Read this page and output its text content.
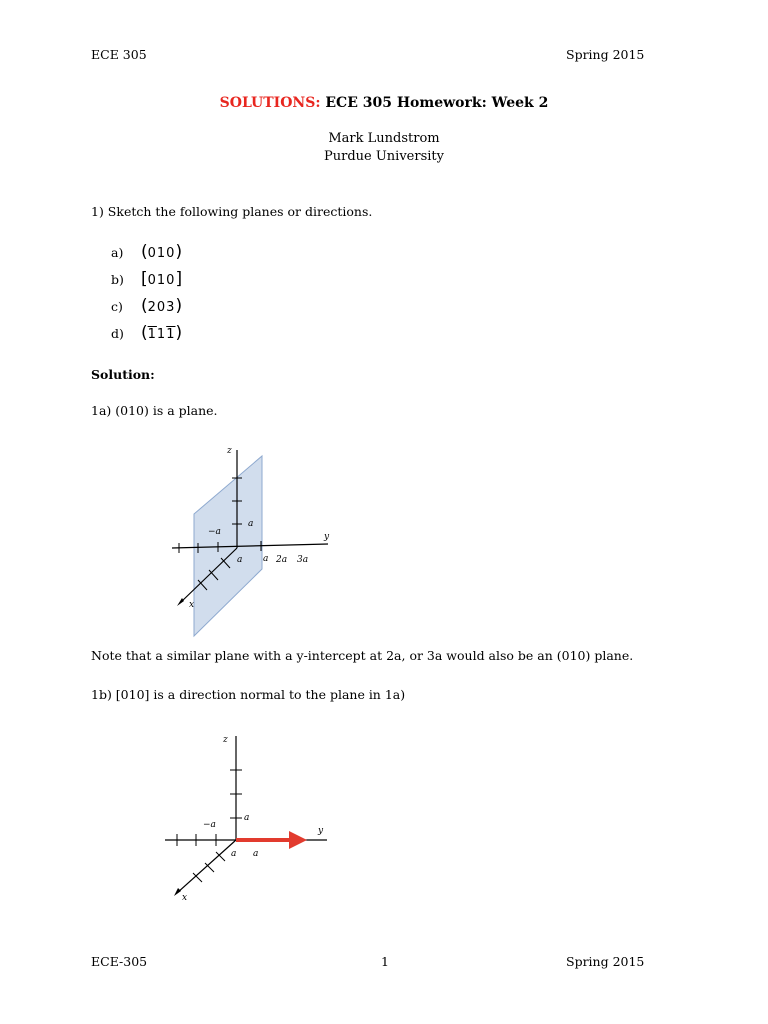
ECE 305	Spring 2015
SOLUTIONS: ECE 305 Homework: Week 2
Mark Lundstrom
Purdue University
1) Sketch the following planes or directions.
a) (010)
b) [010]
c) (203)
d) (111)
Solution:
1a) (010) is a plane.
z
y
x
−a
a
a a 2a 3a
Note that a similar plane with a y-intercept at 2a, or 3a would also be an (010) plane.
1b) [010] is a direction normal to the plane in 1a)
z
y
x
−a
a
a a
ECE-305	1	Spring 2015
